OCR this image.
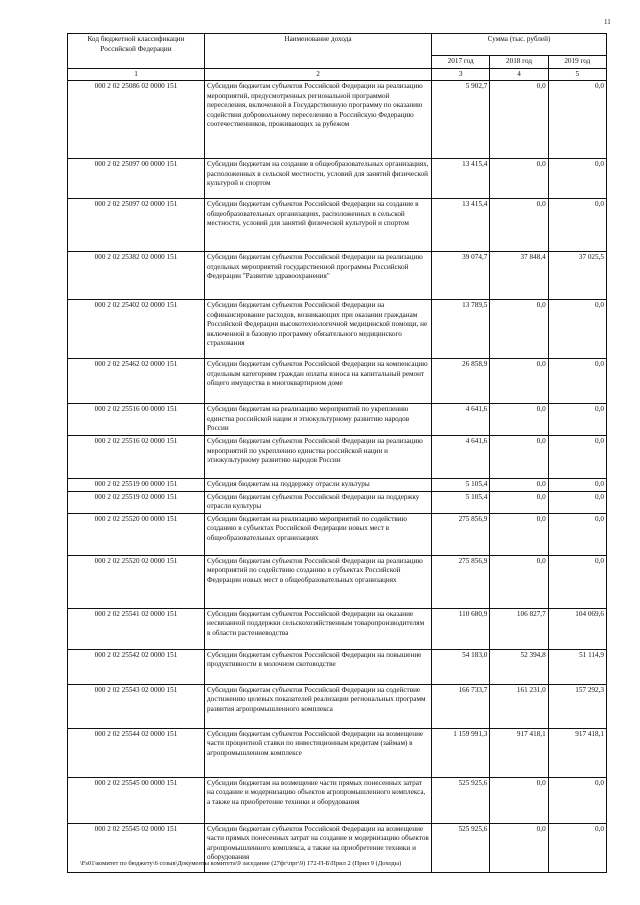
11
Код бюджетной классификации Российской Федерации	Наименование дохода	Сумма (тыс. рублей)		
		2017 год	2018 год	2019 год
1	2	3	4	5
000 2 02 25086 02 0000 151	Субсидии бюджетам субъектов Российской Федерации на реализацию мероприятий, предусмотренных региональной программой переселения, включенной в Государственную программу по оказанию содействия добровольному переселению в Российскую Федерацию соотечественников, проживающих за рубежом	5 902,7	0,0	0,0
000 2 02 25097 00 0000 151	Субсидии бюджетам на создание в общеобразовательных организациях, расположенных в сельской местности, условий для занятий физической культурой и спортом	13 415,4	0,0	0,0
000 2 02 25097 02 0000 151	Субсидии бюджетам субъектов Российской Федерации на создание в общеобразовательных организациях, расположенных в сельской местности, условий для занятий физической культурой и спортом	13 415,4	0,0	0,0
000 2 02 25382 02 0000 151	Субсидии бюджетам субъектов Российской Федерации на реализацию отдельных мероприятий государственной программы Российской Федерации "Развитие здравоохранения"	39 074,7	37 848,4	37 025,5
000 2 02 25402 02 0000 151	Субсидии бюджетам субъектов Российской Федерации на софинансирование расходов, возникающих при оказании гражданам Российской Федерации высокотехнологичной медицинской помощи, не включенной в базовую программу обязательного медицинского страхования	13 789,5	0,0	0,0
000 2 02 25462 02 0000 151	Субсидии бюджетам субъектов Российской Федерации на компенсацию отдельным категориям граждан оплаты взноса на капитальный ремонт общего имущества в многоквартирном доме	26 858,9	0,0	0,0
000 2 02 25516 00 0000 151	Субсидии бюджетам на реализацию мероприятий по укреплению единства российской нации и этнокультурному развитию народов России	4 641,6	0,0	0,0
000 2 02 25516 02 0000 151	Субсидии бюджетам субъектов Российской Федерации на реализацию мероприятий по укреплению единства российской нации и этнокультурному развитию народов России	4 641,6	0,0	0,0
000 2 02 25519 00 0000 151	Субсидия бюджетам на поддержку отрасли культуры	5 105,4	0,0	0,0
000 2 02 25519 02 0000 151	Субсидии бюджетам субъектов Российской Федерации на поддержку отрасли культуры	5 105,4	0,0	0,0
000 2 02 25520 00 0000 151	Субсидии бюджетам на реализацию мероприятий по содействию созданию в субъектах Российской Федерации новых мест в общеобразовательных организациях	275 856,9	0,0	0,0
000 2 02 25520 02 0000 151	Субсидии бюджетам субъектов Российской Федерации на реализацию мероприятий по содействию созданию в субъектах Российской Федерации новых мест в общеобразовательных организациях	275 856,9	0,0	0,0
000 2 02 25541 02 0000 151	Субсидии бюджетам субъектов Российской Федерации на оказание несвязанной поддержки сельскохозяйственным товаропроизводителям в области растениеводства	110 680,9	106 827,7	104 069,6
000 2 02 25542 02 0000 151	Субсидии бюджетам субъектов Российской Федерации на повышение продуктивности в молочном скотоводстве	54 183,0	52 394,8	51 114,9
000 2 02 25543 02 0000 151	Субсидии бюджетам субъектов Российской Федерации на содействие достижению целевых показателей реализации региональных программ развития агропромышленного комплекса	166 733,7	161 231,0	157 292,3
000 2 02 25544 02 0000 151	Субсидии бюджетам субъектов Российской Федерации на возмещение части процентной ставки по инвестиционным кредитам (займам) в агропромышленном комплексе	1 159 991,3	917 418,1	917 418,1
000 2 02 25545 00 0000 151	Субсидии бюджетам на возмещение части прямых понесенных затрат на создание и модернизацию объектов агропромышленного комплекса, а также на приобретение техники и оборудования	525 925,6	0,0	0,0
000 2 02 25545 02 0000 151	Субсидии бюджетам субъектов Российской Федерации на возмещение части прямых понесенных затрат на создание и модернизацию объектов агропромышленного комплекса, а также на приобретение техники и оборудования	525 925,6	0,0	0,0
\Fs01\комитет по бюджету\6 созыв\Документы комитета\9 заседание (27фг\прг\9) 172-П-Б\Прил 2 (Прил 9 (Доходы)
